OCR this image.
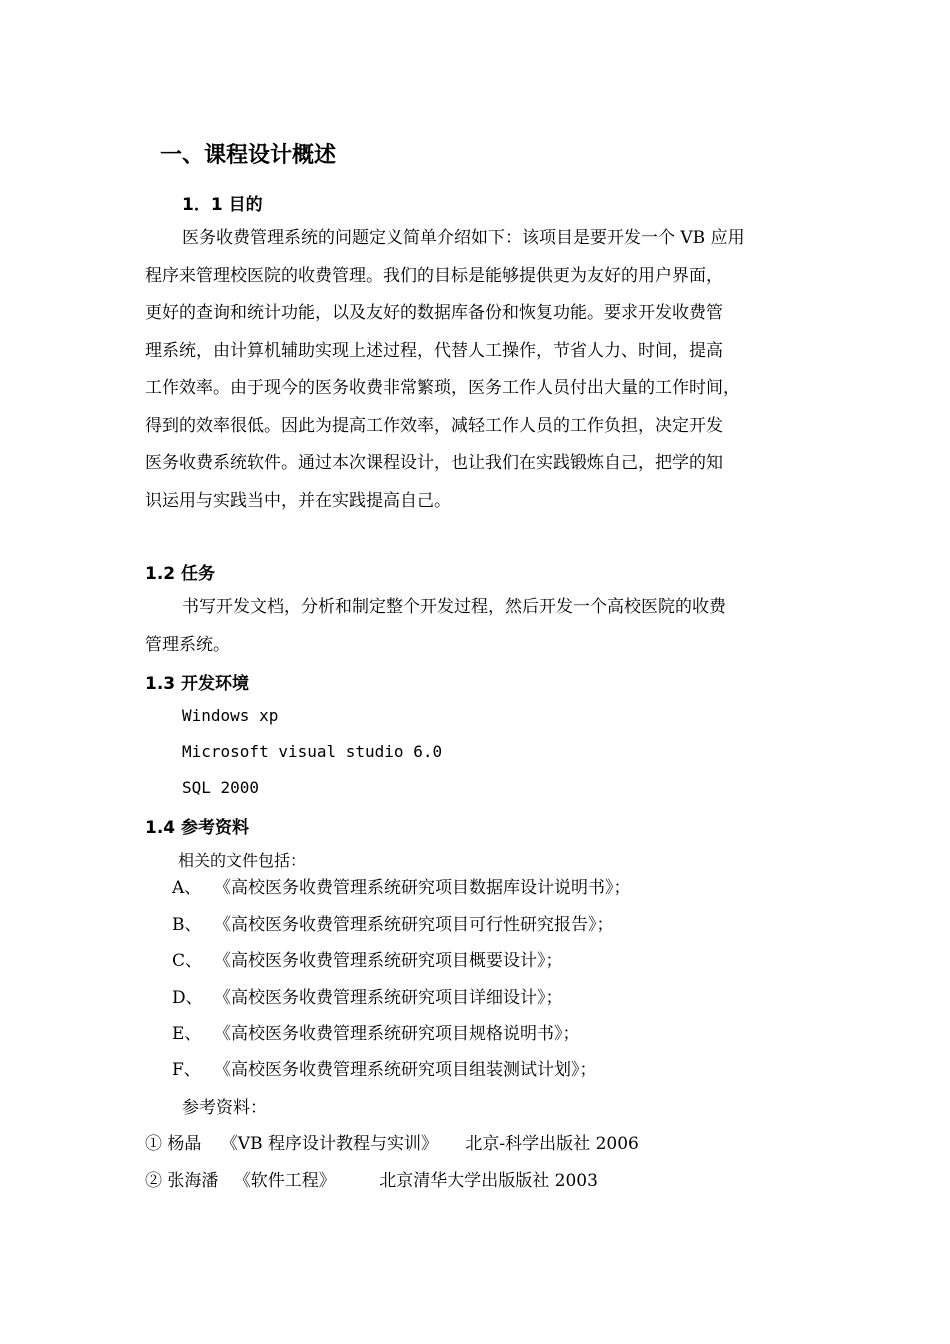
一、课程设计概述
1．1 目的

医务收费管理系统的问题定义简单介绍如下：该项目是要开发一个 VB 应用

程序来管理校医院的收费管理。我们的目标是能够提供更为友好的用户界面，

更好的查询和统计功能，以及友好的数据库备份和恢复功能。要求开发收费管

理系统，由计算机辅助实现上述过程，代替人工操作，节省人力、时间，提高

工作效率。由于现今的医务收费非常繁琐，医务工作人员付出大量的工作时间，

得到的效率很低。因此为提高工作效率，减轻工作人员的工作负担，决定开发

医务收费系统软件。通过本次课程设计，也让我们在实践锻炼自己，把学的知

识运用与实践当中，并在实践提高自己。

1.2 任务

书写开发文档，分析和制定整个开发过程，然后开发一个高校医院的收费

管理系统。

1.3 开发环境
Windows xp
Microsoft visual studio 6.0
SQL 2000
1.4 参考资料
相关的文件包括：
A、 《高校医务收费管理系统研究项目数据库设计说明书》；
B、 《高校医务收费管理系统研究项目可行性研究报告》；
C、 《高校医务收费管理系统研究项目概要设计》；
D、 《高校医务收费管理系统研究项目详细设计》；
E、 《高校医务收费管理系统研究项目规格说明书》；
F、 《高校医务收费管理系统研究项目组装测试计划》；
参考资料：
① 杨晶 《VB 程序设计教程与实训》 北京-科学出版社 2006
② 张海潘 《软件工程》	北京清华大学出版版社 2003
